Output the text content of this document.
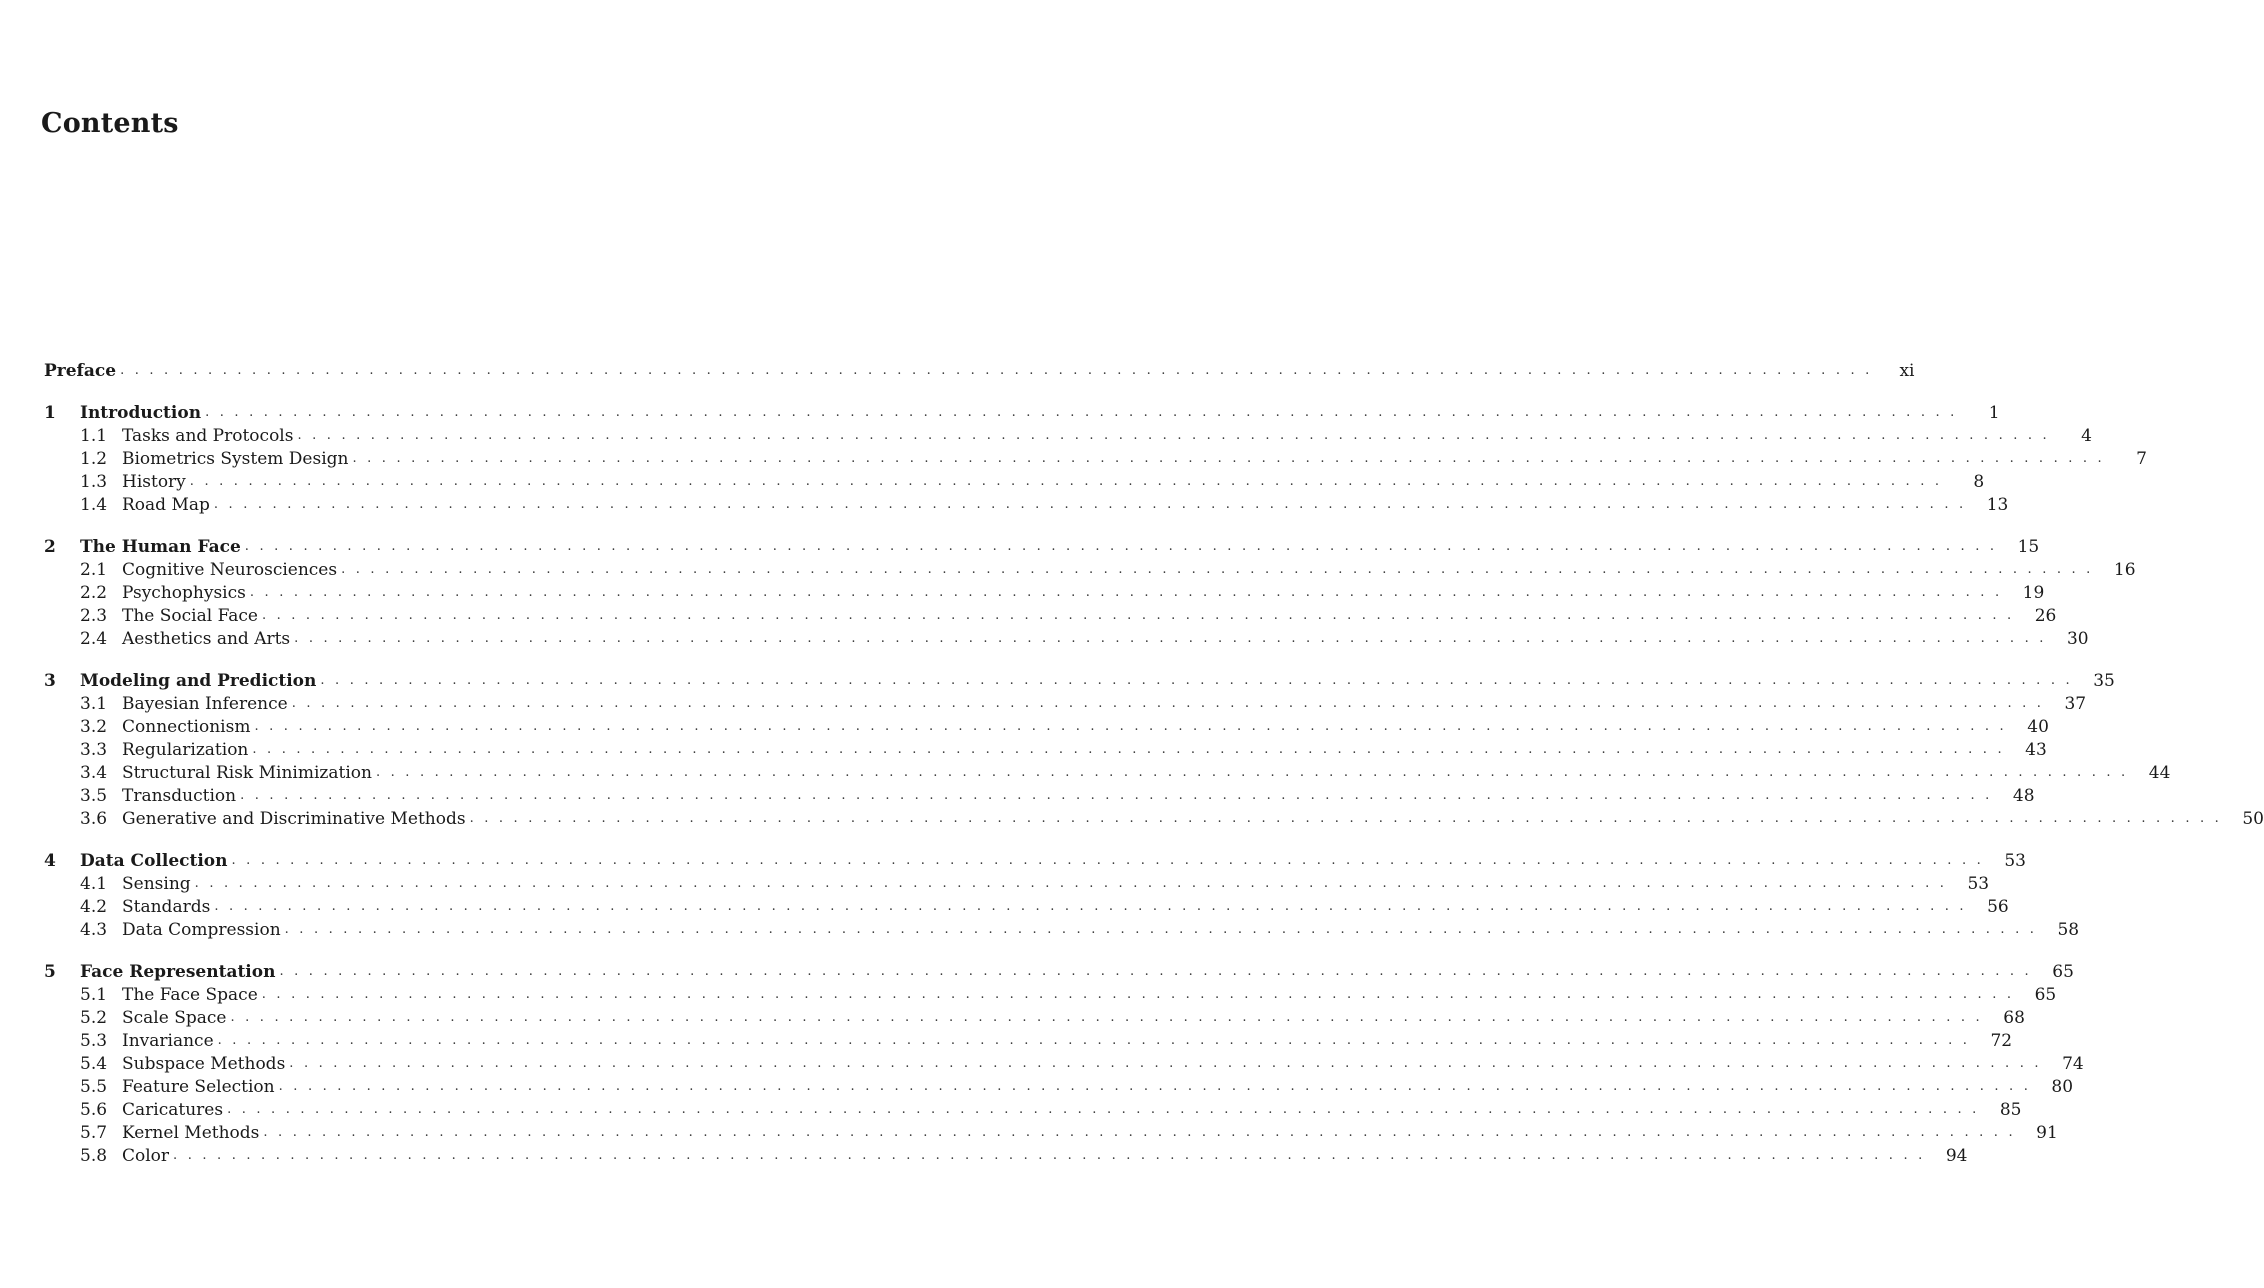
Contents
Preface . . . . . . . . . . . . . . . . . . . . . . . . . . . . . . . . . . . . . . . . . . . . . . . . . . . . . . . . . . . . . . . . . . . . . . . . . . . . . . . . . . . . . . . . . . . . . . . . . . . . . . . . . . . . . . . . . . . . . . . .	xi
1	Introduction . . . . . . . . . . . . . . . . . . . . . . . . . . . . . . . . . . . . . . . . . . . . . . . . . . . . . . . . . . . . . . . . . . . . . . . . . . . . . . . . . . . . . . . . . . . . . . . . . . . . . . . . . . . . . . . . . . . . . . . .	1
1.1 Tasks and Protocols . . . . . . . . . . . . . . . . . . . . . . . . . . . . . . . . . . . . . . . . . . . . . . . . . . . . . . . . . . . . . . . . . . . . . . . . . . . . . . . . . . . . . . . . . . . . . . . . . . . . . . . . . . . . . . . . . . . . . . . .	4
1.2 Biometrics System Design . . . . . . . . . . . . . . . . . . . . . . . . . . . . . . . . . . . . . . . . . . . . . . . . . . . . . . . . . . . . . . . . . . . . . . . . . . . . . . . . . . . . . . . . . . . . . . . . . . . . . . . . . . . . . . . . . . . . . . . .	7
1.3 History . . . . . . . . . . . . . . . . . . . . . . . . . . . . . . . . . . . . . . . . . . . . . . . . . . . . . . . . . . . . . . . . . . . . . . . . . . . . . . . . . . . . . . . . . . . . . . . . . . . . . . . . . . . . . . . . . . . . . . . .	8
1.4 Road Map . . . . . . . . . . . . . . . . . . . . . . . . . . . . . . . . . . . . . . . . . . . . . . . . . . . . . . . . . . . . . . . . . . . . . . . . . . . . . . . . . . . . . . . . . . . . . . . . . . . . . . . . . . . . . . . . . . . . . . . .	13
2	The Human Face . . . . . . . . . . . . . . . . . . . . . . . . . . . . . . . . . . . . . . . . . . . . . . . . . . . . . . . . . . . . . . . . . . . . . . . . . . . . . . . . . . . . . . . . . . . . . . . . . . . . . . . . . . . . . . . . . . . . . . . .	15
2.1 Cognitive Neurosciences . . . . . . . . . . . . . . . . . . . . . . . . . . . . . . . . . . . . . . . . . . . . . . . . . . . . . . . . . . . . . . . . . . . . . . . . . . . . . . . . . . . . . . . . . . . . . . . . . . . . . . . . . . . . . . . . . . . . . . . .	16
2.2 Psychophysics . . . . . . . . . . . . . . . . . . . . . . . . . . . . . . . . . . . . . . . . . . . . . . . . . . . . . . . . . . . . . . . . . . . . . . . . . . . . . . . . . . . . . . . . . . . . . . . . . . . . . . . . . . . . . . . . . . . . . . . .	19
2.3 The Social Face . . . . . . . . . . . . . . . . . . . . . . . . . . . . . . . . . . . . . . . . . . . . . . . . . . . . . . . . . . . . . . . . . . . . . . . . . . . . . . . . . . . . . . . . . . . . . . . . . . . . . . . . . . . . . . . . . . . . . . . .	26
2.4 Aesthetics and Arts . . . . . . . . . . . . . . . . . . . . . . . . . . . . . . . . . . . . . . . . . . . . . . . . . . . . . . . . . . . . . . . . . . . . . . . . . . . . . . . . . . . . . . . . . . . . . . . . . . . . . . . . . . . . . . . . . . . . . . . .	30
3	Modeling and Prediction . . . . . . . . . . . . . . . . . . . . . . . . . . . . . . . . . . . . . . . . . . . . . . . . . . . . . . . . . . . . . . . . . . . . . . . . . . . . . . . . . . . . . . . . . . . . . . . . . . . . . . . . . . . . . . . . . . . . . . . .	35
3.1 Bayesian Inference . . . . . . . . . . . . . . . . . . . . . . . . . . . . . . . . . . . . . . . . . . . . . . . . . . . . . . . . . . . . . . . . . . . . . . . . . . . . . . . . . . . . . . . . . . . . . . . . . . . . . . . . . . . . . . . . . . . . . . . .	37
3.2 Connectionism . . . . . . . . . . . . . . . . . . . . . . . . . . . . . . . . . . . . . . . . . . . . . . . . . . . . . . . . . . . . . . . . . . . . . . . . . . . . . . . . . . . . . . . . . . . . . . . . . . . . . . . . . . . . . . . . . . . . . . . .	40
3.3 Regularization . . . . . . . . . . . . . . . . . . . . . . . . . . . . . . . . . . . . . . . . . . . . . . . . . . . . . . . . . . . . . . . . . . . . . . . . . . . . . . . . . . . . . . . . . . . . . . . . . . . . . . . . . . . . . . . . . . . . . . . .	43
3.4 Structural Risk Minimization . . . . . . . . . . . . . . . . . . . . . . . . . . . . . . . . . . . . . . . . . . . . . . . . . . . . . . . . . . . . . . . . . . . . . . . . . . . . . . . . . . . . . . . . . . . . . . . . . . . . . . . . . . . . . . . . . . . . . . . .	44
3.5 Transduction . . . . . . . . . . . . . . . . . . . . . . . . . . . . . . . . . . . . . . . . . . . . . . . . . . . . . . . . . . . . . . . . . . . . . . . . . . . . . . . . . . . . . . . . . . . . . . . . . . . . . . . . . . . . . . . . . . . . . . . .	48
3.6 Generative and Discriminative Methods . . . . . . . . . . . . . . . . . . . . . . . . . . . . . . . . . . . . . . . . . . . . . . . . . . . . . . . . . . . . . . . . . . . . . . . . . . . . . . . . . . . . . . . . . . . . . . . . . . . . . . . . . . . . . . . . . . . . . . . .	50
4	Data Collection . . . . . . . . . . . . . . . . . . . . . . . . . . . . . . . . . . . . . . . . . . . . . . . . . . . . . . . . . . . . . . . . . . . . . . . . . . . . . . . . . . . . . . . . . . . . . . . . . . . . . . . . . . . . . . . . . . . . . . . .	53
4.1 Sensing . . . . . . . . . . . . . . . . . . . . . . . . . . . . . . . . . . . . . . . . . . . . . . . . . . . . . . . . . . . . . . . . . . . . . . . . . . . . . . . . . . . . . . . . . . . . . . . . . . . . . . . . . . . . . . . . . . . . . . . .	53
4.2 Standards . . . . . . . . . . . . . . . . . . . . . . . . . . . . . . . . . . . . . . . . . . . . . . . . . . . . . . . . . . . . . . . . . . . . . . . . . . . . . . . . . . . . . . . . . . . . . . . . . . . . . . . . . . . . . . . . . . . . . . . .	56
4.3 Data Compression . . . . . . . . . . . . . . . . . . . . . . . . . . . . . . . . . . . . . . . . . . . . . . . . . . . . . . . . . . . . . . . . . . . . . . . . . . . . . . . . . . . . . . . . . . . . . . . . . . . . . . . . . . . . . . . . . . . . . . . .	58
5	Face Representation . . . . . . . . . . . . . . . . . . . . . . . . . . . . . . . . . . . . . . . . . . . . . . . . . . . . . . . . . . . . . . . . . . . . . . . . . . . . . . . . . . . . . . . . . . . . . . . . . . . . . . . . . . . . . . . . . . . . . . . .	65
5.1 The Face Space . . . . . . . . . . . . . . . . . . . . . . . . . . . . . . . . . . . . . . . . . . . . . . . . . . . . . . . . . . . . . . . . . . . . . . . . . . . . . . . . . . . . . . . . . . . . . . . . . . . . . . . . . . . . . . . . . . . . . . . .	65
5.2 Scale Space . . . . . . . . . . . . . . . . . . . . . . . . . . . . . . . . . . . . . . . . . . . . . . . . . . . . . . . . . . . . . . . . . . . . . . . . . . . . . . . . . . . . . . . . . . . . . . . . . . . . . . . . . . . . . . . . . . . . . . . .	68
5.3 Invariance . . . . . . . . . . . . . . . . . . . . . . . . . . . . . . . . . . . . . . . . . . . . . . . . . . . . . . . . . . . . . . . . . . . . . . . . . . . . . . . . . . . . . . . . . . . . . . . . . . . . . . . . . . . . . . . . . . . . . . . .	72
5.4 Subspace Methods . . . . . . . . . . . . . . . . . . . . . . . . . . . . . . . . . . . . . . . . . . . . . . . . . . . . . . . . . . . . . . . . . . . . . . . . . . . . . . . . . . . . . . . . . . . . . . . . . . . . . . . . . . . . . . . . . . . . . . . .	74
5.5 Feature Selection . . . . . . . . . . . . . . . . . . . . . . . . . . . . . . . . . . . . . . . . . . . . . . . . . . . . . . . . . . . . . . . . . . . . . . . . . . . . . . . . . . . . . . . . . . . . . . . . . . . . . . . . . . . . . . . . . . . . . . . .	80
5.6 Caricatures . . . . . . . . . . . . . . . . . . . . . . . . . . . . . . . . . . . . . . . . . . . . . . . . . . . . . . . . . . . . . . . . . . . . . . . . . . . . . . . . . . . . . . . . . . . . . . . . . . . . . . . . . . . . . . . . . . . . . . . .	85
5.7 Kernel Methods . . . . . . . . . . . . . . . . . . . . . . . . . . . . . . . . . . . . . . . . . . . . . . . . . . . . . . . . . . . . . . . . . . . . . . . . . . . . . . . . . . . . . . . . . . . . . . . . . . . . . . . . . . . . . . . . . . . . . . . .	91
5.8 Color . . . . . . . . . . . . . . . . . . . . . . . . . . . . . . . . . . . . . . . . . . . . . . . . . . . . . . . . . . . . . . . . . . . . . . . . . . . . . . . . . . . . . . . . . . . . . . . . . . . . . . . . . . . . . . . . . . . . . . . .	94
